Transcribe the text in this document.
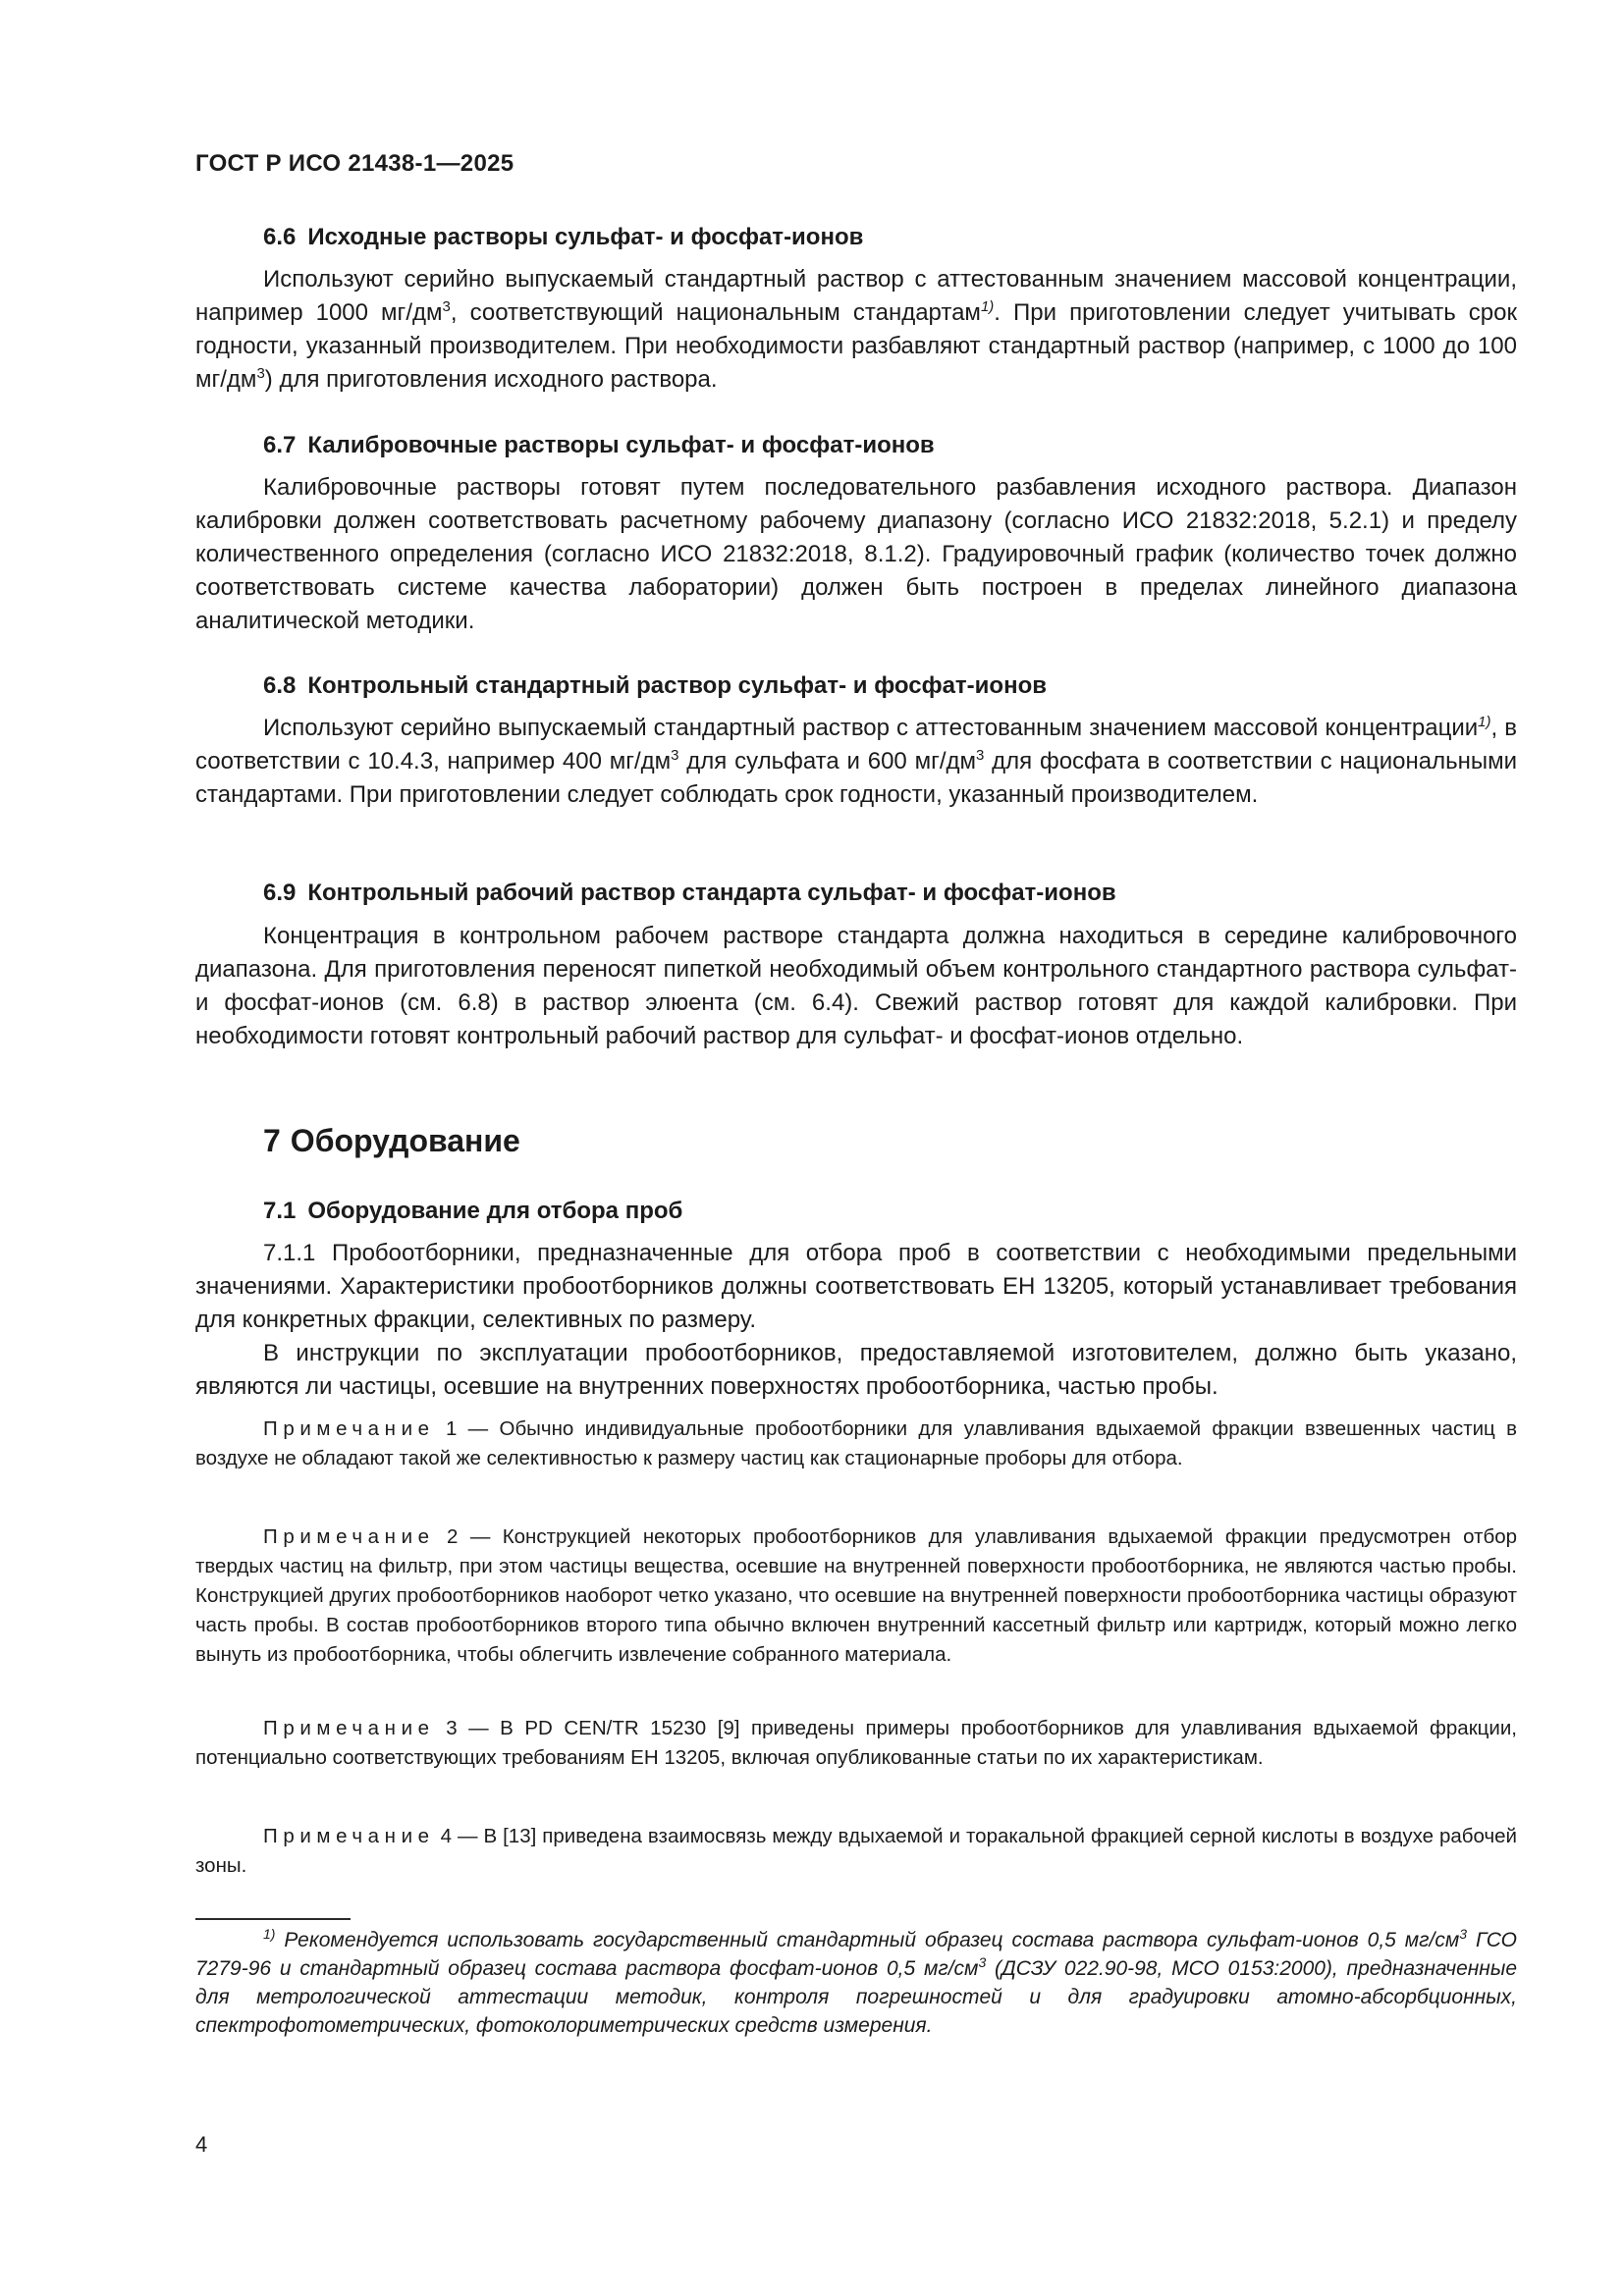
ГОСТ Р ИСО 21438-1—2025
6.6 Исходные растворы сульфат- и фосфат-ионов

Используют серийно выпускаемый стандартный раствор с аттестованным значением массовой концентрации, например 1000 $мг/дм^3$, соответствующий национальным стандартам$^{1)}$. При приготовлении следует учитывать срок годности, указанный производителем. При необходимости разбавляют стандартный раствор (например, с 1000 до 100 $мг/дм^3$) для приготовления исходного раствора.

6.7 Калибровочные растворы сульфат- и фосфат-ионов

Калибровочные растворы готовят путем последовательного разбавления исходного раствора. Диапазон калибровки должен соответствовать расчетному рабочему диапазону (согласно ИСО 21832:2018, 5.2.1) и пределу количественного определения (согласно ИСО 21832:2018, 8.1.2). Градуировочный график (количество точек должно соответствовать системе качества лаборатории) должен быть построен в пределах линейного диапазона аналитической методики.

6.8 Контрольный стандартный раствор сульфат- и фосфат-ионов

Используют серийно выпускаемый стандартный раствор с аттестованным значением массовой концентрации$^{1)}$, в соответствии с 10.4.3, например 400 $мг/дм^3$ для сульфата и 600 $мг/дм^3$ для фосфата в соответствии с национальными стандартами. При приготовлении следует соблюдать срок годности, указанный производителем.

6.9 Контрольный рабочий раствор стандарта сульфат- и фосфат-ионов

Концентрация в контрольном рабочем растворе стандарта должна находиться в середине калибровочного диапазона. Для приготовления переносят пипеткой необходимый объем контрольного стандартного раствора сульфат- и фосфат-ионов (см. 6.8) в раствор элюента (см. 6.4). Свежий раствор готовят для каждой калибровки. При необходимости готовят контрольный рабочий раствор для сульфат- и фосфат-ионов отдельно.

7 Оборудование
7.1 Оборудование для отбора проб

7.1.1 Пробоотборники, предназначенные для отбора проб в соответствии с необходимыми предельными значениями. Характеристики пробоотборников должны соответствовать ЕН 13205, который устанавливает требования для конкретных фракции, селективных по размеру.

В инструкции по эксплуатации пробоотборников, предоставляемой изготовителем, должно быть указано, являются ли частицы, осевшие на внутренних поверхностях пробоотборника, частью пробы.

Примечание 1 — Обычно индивидуальные пробоотборники для улавливания вдыхаемой фракции взвешенных частиц в воздухе не обладают такой же селективностью к размеру частиц как стационарные проборы для отбора.

Примечание 2 — Конструкцией некоторых пробоотборников для улавливания вдыхаемой фракции предусмотрен отбор твердых частиц на фильтр, при этом частицы вещества, осевшие на внутренней поверхности пробоотборника, не являются частью пробы. Конструкцией других пробоотборников наоборот четко указано, что осевшие на внутренней поверхности пробоотборника частицы образуют часть пробы. В состав пробоотборников второго типа обычно включен внутренний кассетный фильтр или картридж, который можно легко вынуть из пробоотборника, чтобы облегчить извлечение собранного материала.

Примечание 3 — В PD CEN/TR 15230 [9] приведены примеры пробоотборников для улавливания вдыхаемой фракции, потенциально соответствующих требованиям ЕН 13205, включая опубликованные статьи по их характеристикам.

Примечание 4 — В [13] приведена взаимосвязь между вдыхаемой и торакальной фракцией серной кислоты в воздухе рабочей зоны.

$^{1)}$ Рекомендуется использовать государственный стандартный образец состава раствора сульфат-ионов 0,5 $мг/см^3$ ГСО 7279-96 и стандартный образец состава раствора фосфат-ионов 0,5 $мг/см^3$ (ДСЗУ 022.90-98, МСО 0153:2000), предназначенные для метрологической аттестации методик, контроля погрешностей и для градуировки атомно-абсорбционных, спектрофотометрических, фотоколориметрических средств измерения.

4
